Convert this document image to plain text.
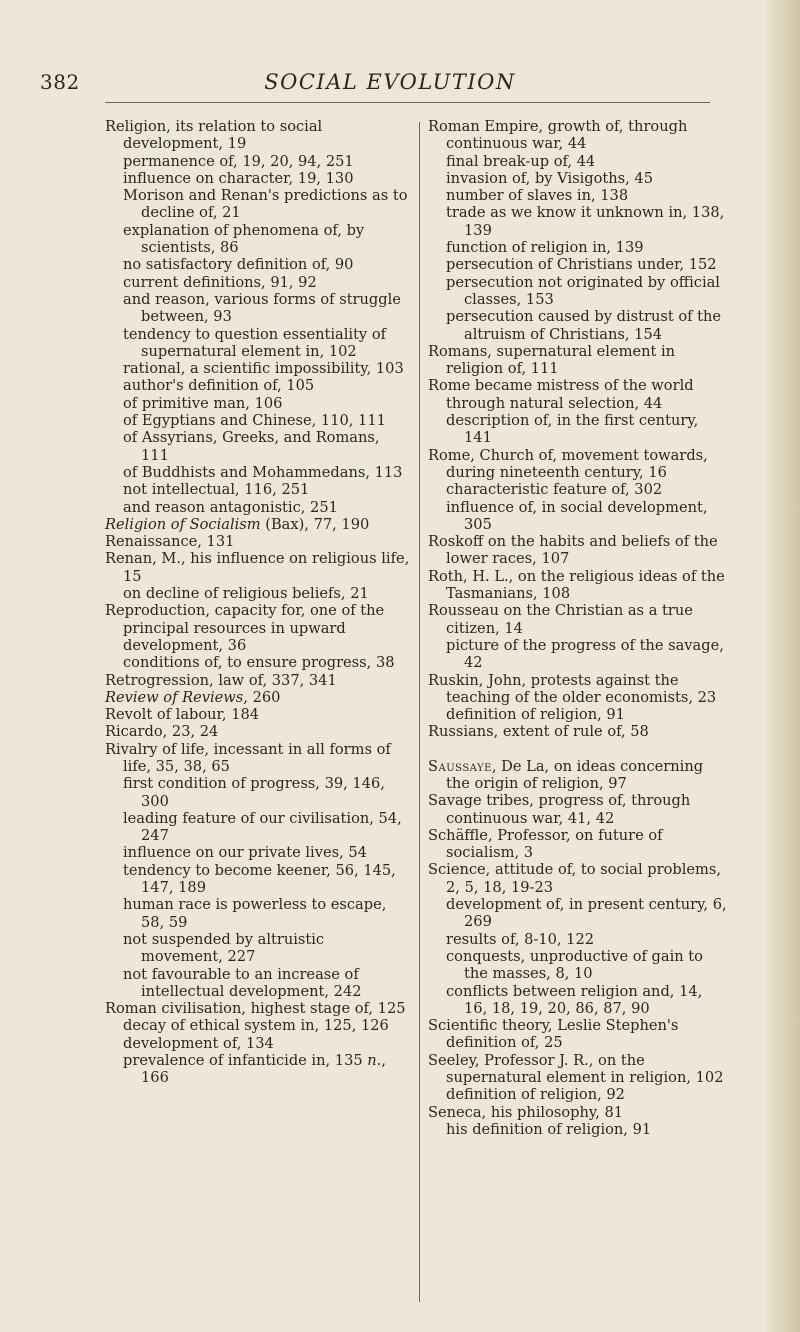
382	SOCIAL EVOLUTION
Religion, its relation to social development, 19
permanence of, 19, 20, 94, 251
influence on character, 19, 130
Morison and Renan's predictions as to decline of, 21
explanation of phenomena of, by scientists, 86
no satisfactory definition of, 90
current definitions, 91, 92
and reason, various forms of struggle between, 93
tendency to question essentiality of supernatural element in, 102
rational, a scientific impossibility, 103
author's definition of, 105
of primitive man, 106
of Egyptians and Chinese, 110, 111
of Assyrians, Greeks, and Romans, 111
of Buddhists and Mohammedans, 113
not intellectual, 116, 251
and reason antagonistic, 251
Religion of Socialism (Bax), 77, 190
Renaissance, 131
Renan, M., his influence on religious life, 15
on decline of religious beliefs, 21
Reproduction, capacity for, one of the principal resources in upward development, 36
conditions of, to ensure progress, 38
Retrogression, law of, 337, 341
Review of Reviews, 260
Revolt of labour, 184
Ricardo, 23, 24
Rivalry of life, incessant in all forms of life, 35, 38, 65
first condition of progress, 39, 146, 300
leading feature of our civilisation, 54, 247
influence on our private lives, 54
tendency to become keener, 56, 145, 147, 189
human race is powerless to escape, 58, 59
not suspended by altruistic movement, 227
not favourable to an increase of intellectual development, 242
Roman civilisation, highest stage of, 125
decay of ethical system in, 125, 126
development of, 134
prevalence of infanticide in, 135 n., 166
Roman Empire, growth of, through continuous war, 44
final break-up of, 44
invasion of, by Visigoths, 45
number of slaves in, 138
trade as we know it unknown in, 138, 139
function of religion in, 139
persecution of Christians under, 152
persecution not originated by official classes, 153
persecution caused by distrust of the altruism of Christians, 154
Romans, supernatural element in religion of, 111
Rome became mistress of the world through natural selection, 44
description of, in the first century, 141
Rome, Church of, movement towards, during nineteenth century, 16
characteristic feature of, 302
influence of, in social development, 305
Roskoff on the habits and beliefs of the lower races, 107
Roth, H. L., on the religious ideas of the Tasmanians, 108
Rousseau on the Christian as a true citizen, 14
picture of the progress of the savage, 42
Ruskin, John, protests against the teaching of the older economists, 23
definition of religion, 91
Russians, extent of rule of, 58
Saussaye, De La, on ideas concerning the origin of religion, 97
Savage tribes, progress of, through continuous war, 41, 42
Schäffle, Professor, on future of socialism, 3
Science, attitude of, to social problems, 2, 5, 18, 19-23
development of, in present century, 6, 269
results of, 8-10, 122
conquests, unproductive of gain to the masses, 8, 10
conflicts between religion and, 14, 16, 18, 19, 20, 86, 87, 90
Scientific theory, Leslie Stephen's definition of, 25
Seeley, Professor J. R., on the supernatural element in religion, 102
definition of religion, 92
Seneca, his philosophy, 81
his definition of religion, 91
